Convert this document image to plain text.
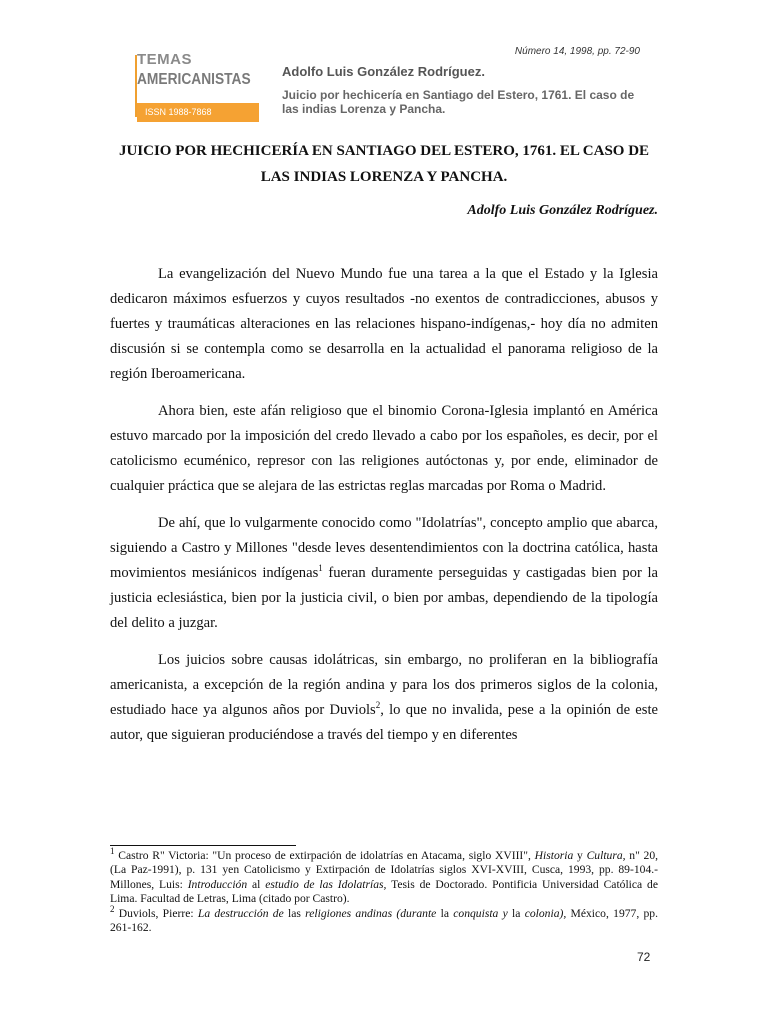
TEMAS
AMERICANISTAS
ISSN 1988-7868
Número 14, 1998, pp. 72-90
Adolfo Luis González Rodríguez.
Juicio por hechicería en Santiago del Estero, 1761. El caso de las indias Lorenza y Pancha.
JUICIO POR HECHICERÍA EN SANTIAGO DEL ESTERO, 1761. EL CASO DE LAS INDIAS LORENZA Y PANCHA.
Adolfo Luis González Rodríguez.

La evangelización del Nuevo Mundo fue una tarea a la que el Estado y la Iglesia dedicaron máximos esfuerzos y cuyos resultados -no exentos de contradicciones, abusos y fuertes y traumáticas alteraciones en las relaciones hispano-indígenas,- hoy día no admiten discusión si se contempla como se desarrolla en la actualidad el panorama religioso de la región Iberoamericana.

Ahora bien, este afán religioso que el binomio Corona-Iglesia implantó en América estuvo marcado por la imposición del credo llevado a cabo por los españoles, es decir, por el catolicismo ecuménico, represor con las religiones autóctonas y, por ende, eliminador de cualquier práctica que se alejara de las estrictas reglas marcadas por Roma o Madrid.

De ahí, que lo vulgarmente conocido como "Idolatrías", concepto amplio que abarca, siguiendo a Castro y Millones "desde leves desentendimientos con la doctrina católica, hasta movimientos mesiánicos indígenas$^1$ fueran duramente perseguidas y castigadas bien por la justicia eclesiástica, bien por la justicia civil, o bien por ambas, dependiendo de la tipología del delito a juzgar.

Los juicios sobre causas idolátricas, sin embargo, no proliferan en la bibliografía americanista, a excepción de la región andina y para los dos primeros siglos de la colonia, estudiado hace ya algunos años por Duviols$^2$, lo que no invalida, pese a la opinión de este autor, que siguieran produciéndose a través del tiempo y en diferentes

$^1$ Castro R" Victoria: "Un proceso de extirpación de idolatrías en Atacama, siglo XVIII", Historia y Cultura, n" 20, (La Paz-1991), p. 131 yen Catolicismo y Extirpación de Idolatrías siglos XVI-XVIII, Cusca, 1993, pp. 89-104.- Millones, Luis: Introducción al estudio de las Idolatrías, Tesis de Doctorado. Pontificia Universidad Católica de Lima. Facultad de Letras, Lima (citado por Castro).

$^2$ Duviols, Pierre: La destrucción de las religiones andinas (durante la conquista y la colonia), México, 1977, pp. 261-162.

72
